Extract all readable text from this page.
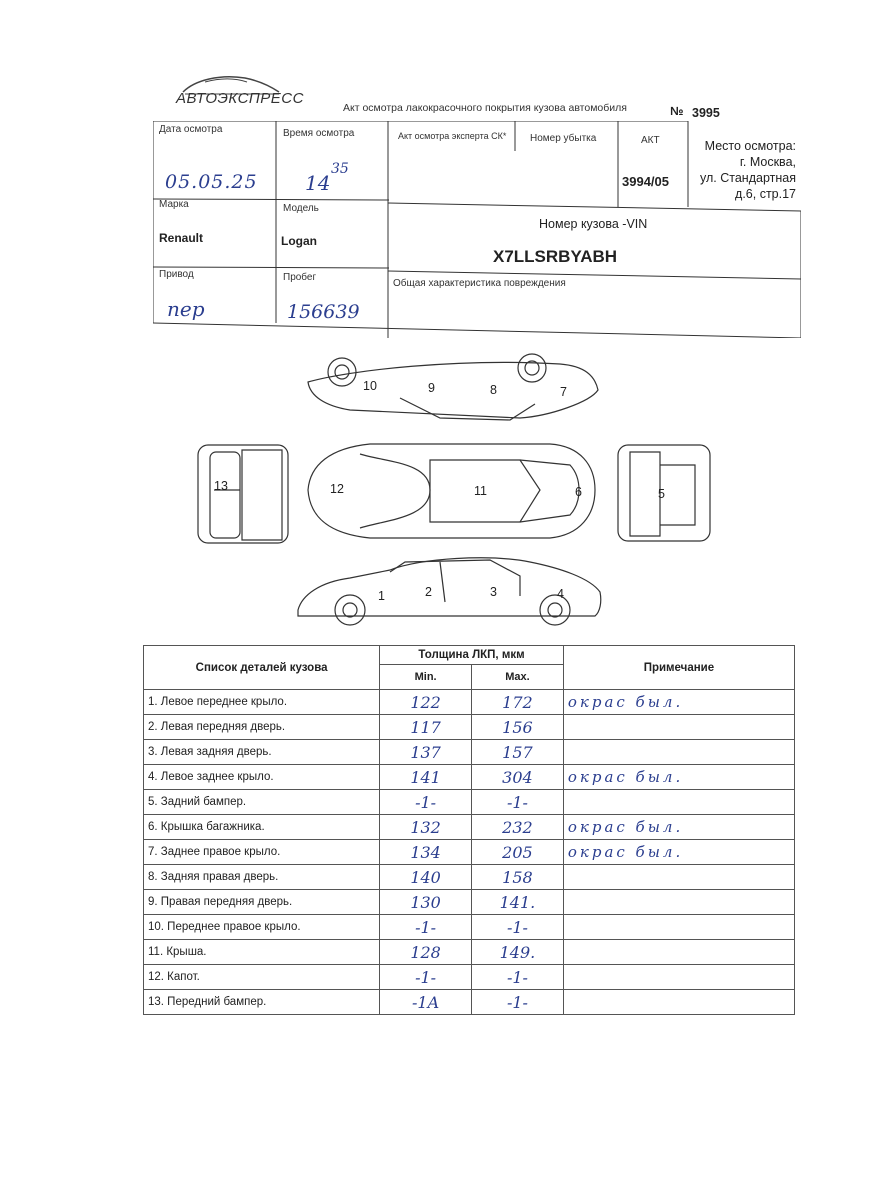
АВТОЭКСПРЕСС
Акт осмотра лакокрасочного покрытия кузова автомобиля	№ 3995
Дата осмотра
05.05.25
Время осмотра
14
35
Акт осмотра эксперта СК* Номер убытка	АКТ
3994/05
Место осмотра:
г. Москва,
ул. Стандартная
д.6, стр.17
Марка
Renault
Модель
Logan
Номер кузова -VIN
X7LLSRBYABH
Привод
пер
Пробег
156639
Общая характеристика повреждения
10	9	8	7
13	12	11	6	5
1	2	3	4
Список деталей кузова	Толщина ЛКП, мкм		Примечание
	Min.	Max.	
1. Левое переднее крыло.	122	172	окрас был.
2. Левая передняя дверь.	117	156	
3. Левая задняя дверь.	137	157	
4. Левое заднее крыло.	141	304	окрас был.
5. Задний бампер.	-1-	-1-	
6. Крышка багажника.	132	232	окрас был.
7. Заднее правое крыло.	134	205	окрас был.
8. Задняя правая дверь.	140	158	
9. Правая передняя дверь.	130	141.	
10. Переднее правое крыло.	-1-	-1-	
11. Крыша.	128	149.	
12. Капот.	-1-	-1-	
13. Передний бампер.	-1A	-1-	
